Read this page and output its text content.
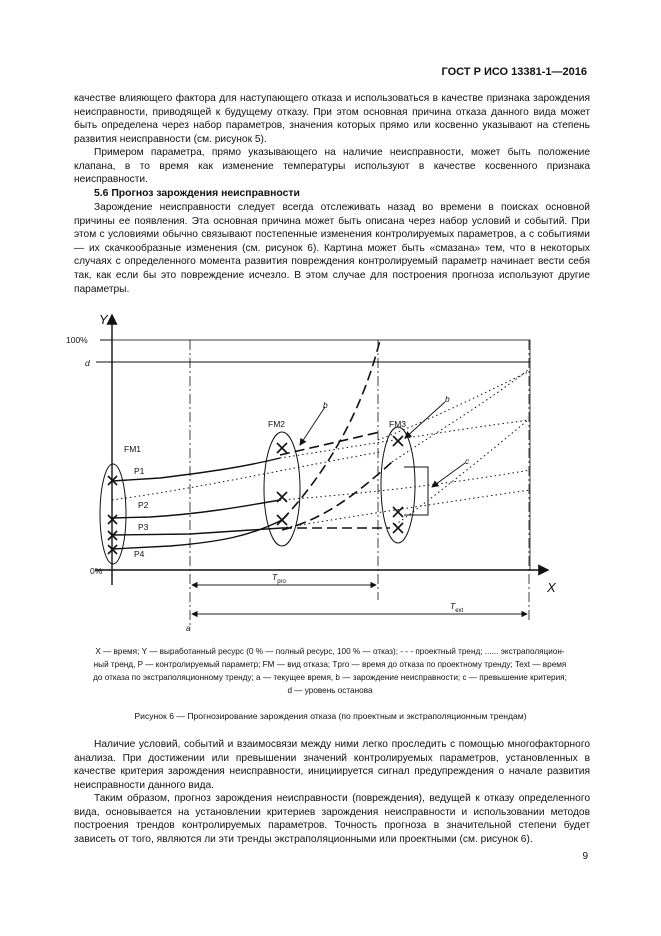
ГОСТ Р ИСО 13381-1—2016

качестве влияющего фактора для наступающего отказа и использоваться в качестве признака зарождения неисправности, приводящей к будущему отказу. При этом основная причина отказа данного вида может быть определена через набор параметров, значения которых прямо или косвенно указывают на степень развития неисправности (см. рисунок 5).

Примером параметра, прямо указывающего на наличие неисправности, может быть положение клапана, в то время как изменение температуры используют в качестве косвенного признака неисправности.

5.6 Прогноз зарождения неисправности

Зарождение неисправности следует всегда отслеживать назад во времени в поисках основной причины ее появления. Эта основная причина может быть описана через набор условий и событий. При этом с условиями обычно связывают постепенные изменения контролируемых параметров, а с событиями — их скачкообразные изменения (см. рисунок 6). Картина может быть «смазана» тем, что в некоторых случаях с определенного момента развития повреждения контролируемый параметр начинает вести себя так, как если бы это повреждение исчезло. В этом случае для построения прогноза используют другие параметры.

Y
X
100%
d
0%
FM1
FM2	FM3
P1
P2
P3
P4
b
b
c
a
$T_{pro}$
$T_{ext}$
X — время; Y — выработанный ресурс (0 % — полный ресурс, 100 % — отказ); - - - проектный тренд; ...... экстраполяцион-
ный тренд, P — контролируемый параметр; FM — вид отказа; Tpro — время до отказа по проектному тренду; Text — время
до отказа по экстраполяционному тренду; a — текущее время, b — зарождение неисправности; c — превышение критерия;
d — уровень останова
Рисунок 6 — Прогнозирование зарождения отказа (по проектным и экстраполяционным трендам)

Наличие условий, событий и взаимосвязи между ними легко проследить с помощью многофакторного анализа. При достижении или превышении значений контролируемых параметров, установленных в качестве критерия зарождения неисправности, инициируется сигнал предупреждения о начале развития неисправности данного вида.

Таким образом, прогноз зарождения неисправности (повреждения), ведущей к отказу определенного вида, основывается на установлении критериев зарождения неисправности и использовании методов построения трендов контролируемых параметров. Точность прогноза в значительной степени будет зависеть от того, являются ли эти тренды экстраполяционными или проектными (см. рисунок 6).

9
